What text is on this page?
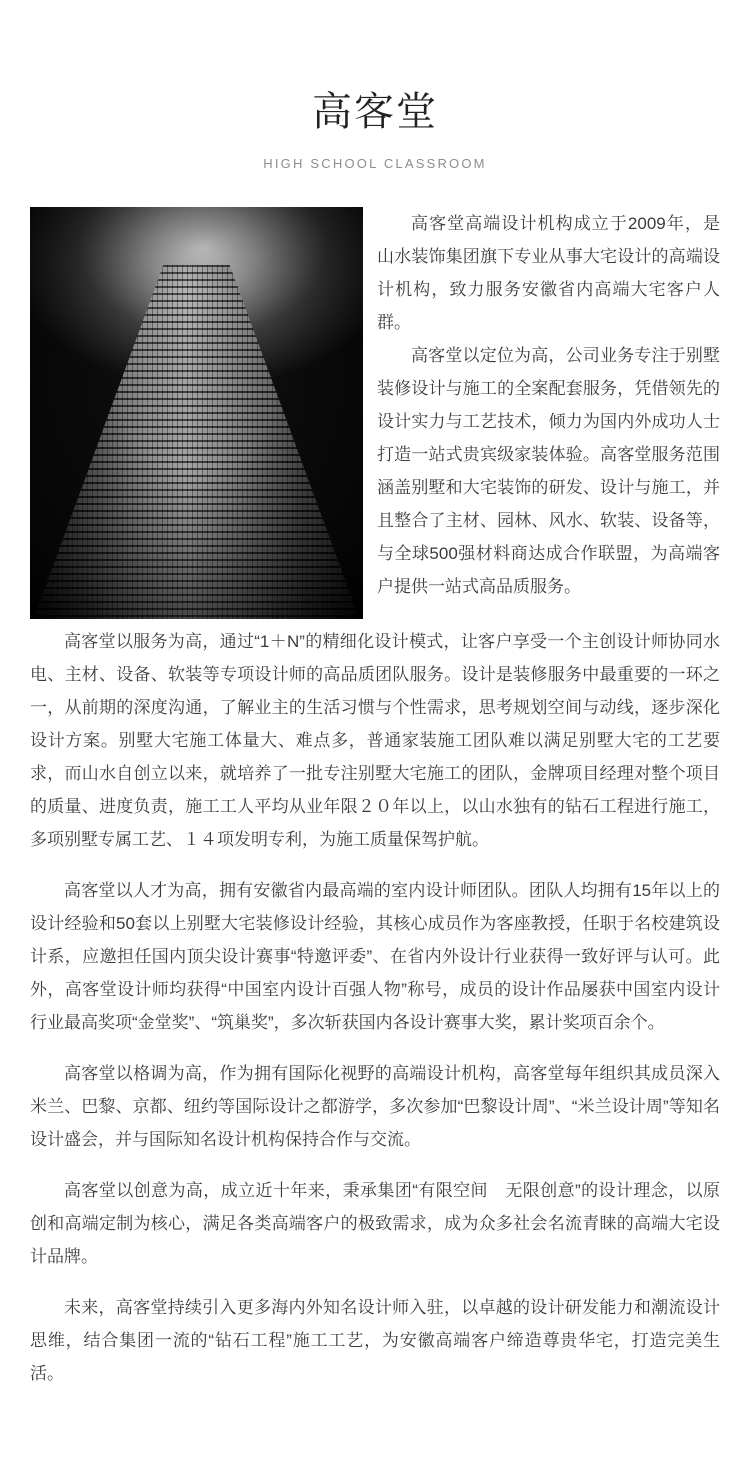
高客堂
HIGH SCHOOL CLASSROOM

高客堂高端设计机构成立于2009年，是山水装饰集团旗下专业从事大宅设计的高端设计机构，致力服务安徽省内高端大宅客户人群。

高客堂以定位为高，公司业务专注于别墅装修设计与施工的全案配套服务，凭借领先的设计实力与工艺技术，倾力为国内外成功人士打造一站式贵宾级家装体验。高客堂服务范围涵盖别墅和大宅装饰的研发、设计与施工，并且整合了主材、园林、风水、软装、设备等，与全球500强材料商达成合作联盟，为高端客户提供一站式高品质服务。

高客堂以服务为高，通过“1＋N”的精细化设计模式，让客户享受一个主创设计师协同水电、主材、设备、软装等专项设计师的高品质团队服务。设计是装修服务中最重要的一环之一，从前期的深度沟通，了解业主的生活习惯与个性需求，思考规划空间与动线，逐步深化设计方案。别墅大宅施工体量大、难点多，普通家装施工团队难以满足别墅大宅的工艺要求，而山水自创立以来，就培养了一批专注别墅大宅施工的团队，金牌项目经理对整个项目的质量、进度负责，施工工人平均从业年限２０年以上，以山水独有的钻石工程进行施工，多项别墅专属工艺、１４项发明专利，为施工质量保驾护航。

高客堂以人才为高，拥有安徽省内最高端的室内设计师团队。团队人均拥有15年以上的设计经验和50套以上别墅大宅装修设计经验，其核心成员作为客座教授，任职于名校建筑设计系，应邀担任国内顶尖设计赛事“特邀评委”、在省内外设计行业获得一致好评与认可。此外，高客堂设计师均获得“中国室内设计百强人物”称号，成员的设计作品屡获中国室内设计行业最高奖项“金堂奖”、“筑巢奖”，多次斩获国内各设计赛事大奖，累计奖项百余个。

高客堂以格调为高，作为拥有国际化视野的高端设计机构，高客堂每年组织其成员深入米兰、巴黎、京都、纽约等国际设计之都游学，多次参加“巴黎设计周”、“米兰设计周”等知名设计盛会，并与国际知名设计机构保持合作与交流。

高客堂以创意为高，成立近十年来，秉承集团“有限空间　无限创意”的设计理念，以原创和高端定制为核心，满足各类高端客户的极致需求，成为众多社会名流青睐的高端大宅设计品牌。

未来，高客堂持续引入更多海内外知名设计师入驻，以卓越的设计研发能力和潮流设计思维，结合集团一流的“钻石工程”施工工艺，为安徽高端客户缔造尊贵华宅，打造完美生活。
